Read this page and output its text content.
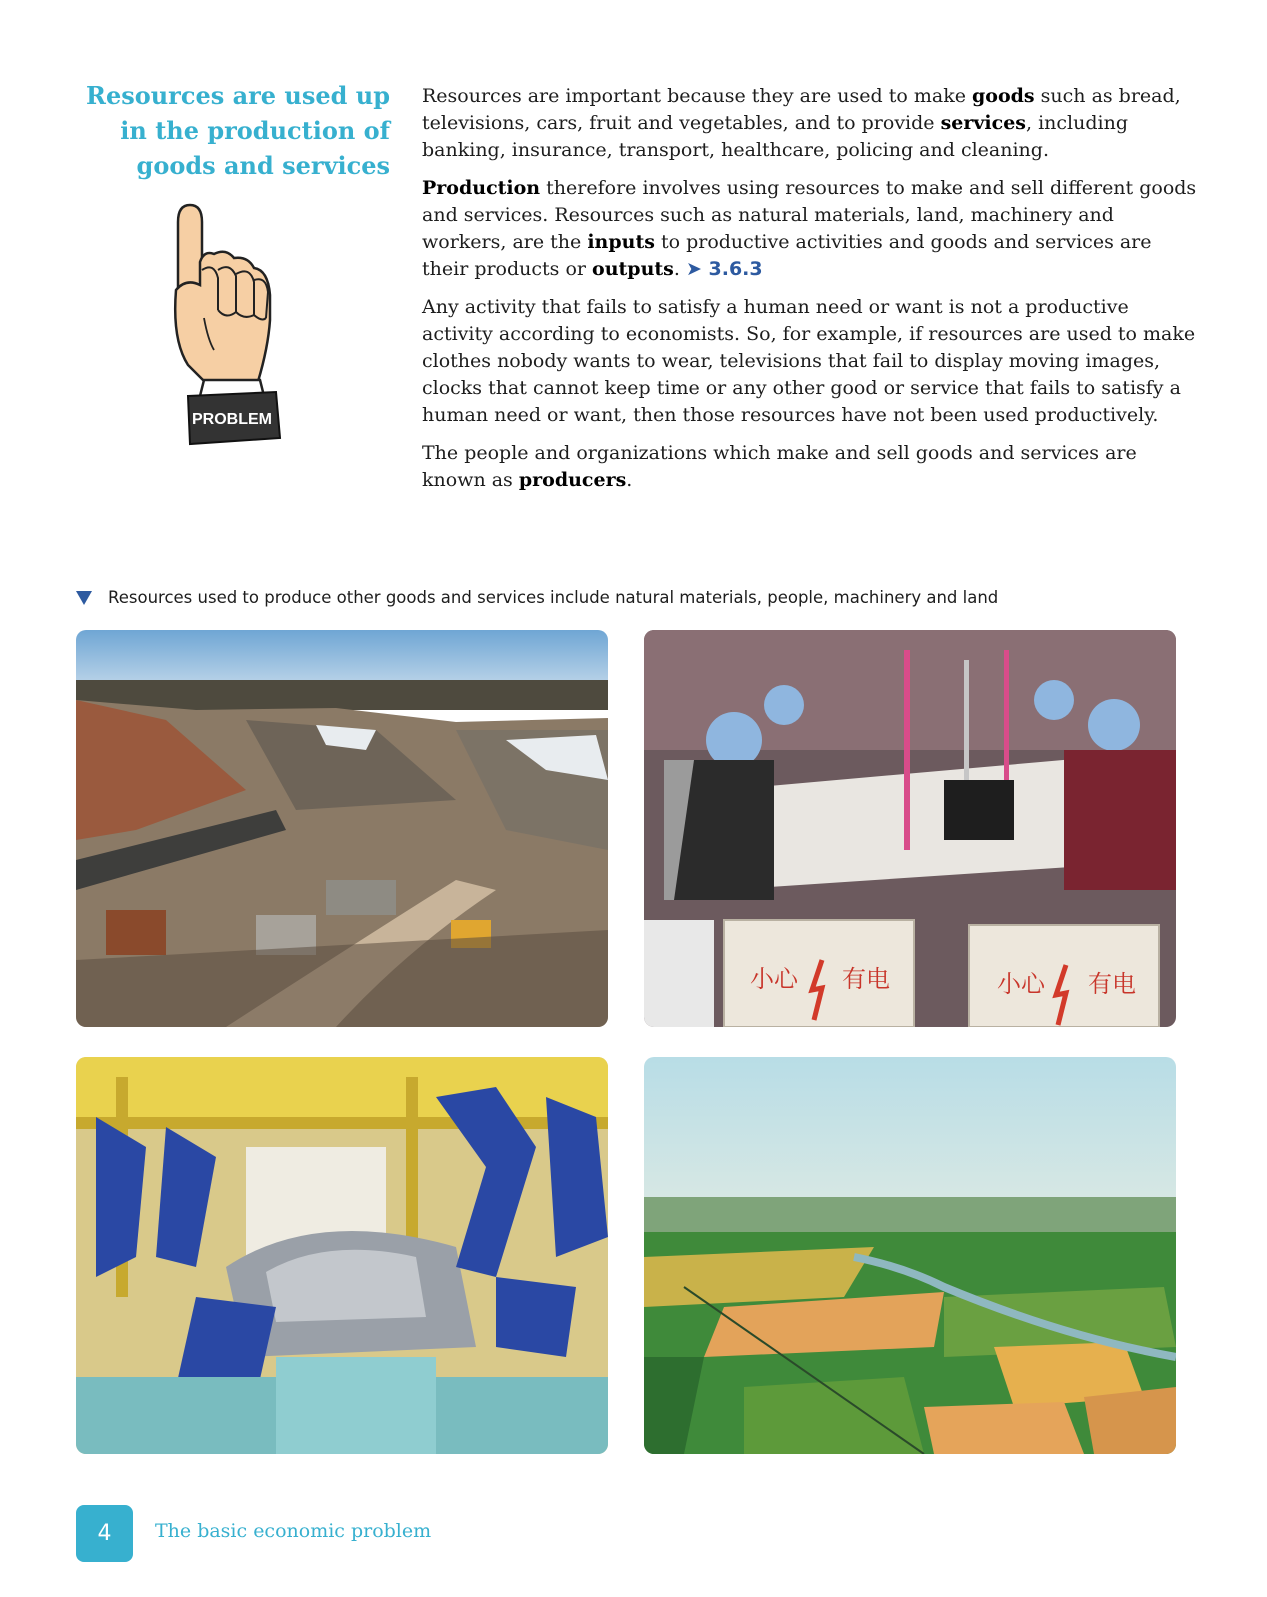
Resources are used up
in the production of
goods and services
PROBLEM

Resources are important because they are used to make goods such as bread, televisions, cars, fruit and vegetables, and to provide services, including banking, insurance, transport, healthcare, policing and cleaning.

Production therefore involves using resources to make and sell different goods and services. Resources such as natural materials, land, machinery and workers, are the inputs to productive activities and goods and services are their products or outputs. ➤ 3.6.3

Any activity that fails to satisfy a human need or want is not a productive activity according to economists. So, for example, if resources are used to make clothes nobody wants to wear, televisions that fail to display moving images, clocks that cannot keep time or any other good or service that fails to satisfy a human need or want, then those resources have not been used productively.

The people and organizations which make and sell goods and services are known as producers.

Resources used to produce other goods and services include natural materials, people, machinery and land
小心 有电	小心 有电
4	The basic economic problem
